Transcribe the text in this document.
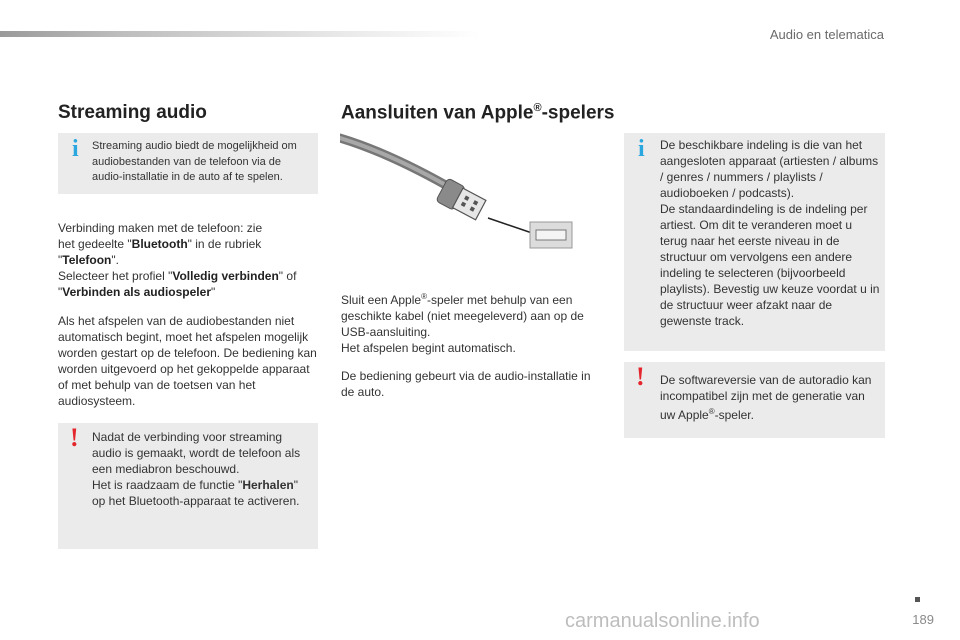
Audio en telematica
Streaming audio
i Streaming audio biedt de mogelijkheid om audiobestanden van de telefoon via de audio-installatie in de auto af te spelen.

Verbinding maken met de telefoon: zie
het gedeelte "Bluetooth" in de rubriek
"Telefoon".
Selecteer het profiel "Volledig verbinden" of
"Verbinden als audiospeler"

Als het afspelen van de audiobestanden niet automatisch begint, moet het afspelen mogelijk worden gestart op de telefoon. De bediening kan worden uitgevoerd op het gekoppelde apparaat of met behulp van de toetsen van het audiosysteem.

! Nadat de verbinding voor streaming audio is gemaakt, wordt de telefoon als een mediabron beschouwd.
Het is raadzaam de functie "Herhalen" op het Bluetooth-apparaat te activeren.
Aansluiten van Apple®-spelers

Sluit een Apple®-speler met behulp van een geschikte kabel (niet meegeleverd) aan op de USB-aansluiting.
Het afspelen begint automatisch.

De bediening gebeurt via de audio-installatie in de auto.

i De beschikbare indeling is die van het aangesloten apparaat (artiesten / albums / genres / nummers / playlists / audioboeken / podcasts).
De standaardindeling is de indeling per artiest. Om dit te veranderen moet u terug naar het eerste niveau in de structuur om vervolgens een andere indeling te selecteren (bijvoorbeeld playlists). Bevestig uw keuze voordat u in de structuur weer afzakt naar de gewenste track.
! De softwareversie van de autoradio kan incompatibel zijn met de generatie van uw Apple®-speler.
189
carmanualsonline.info
